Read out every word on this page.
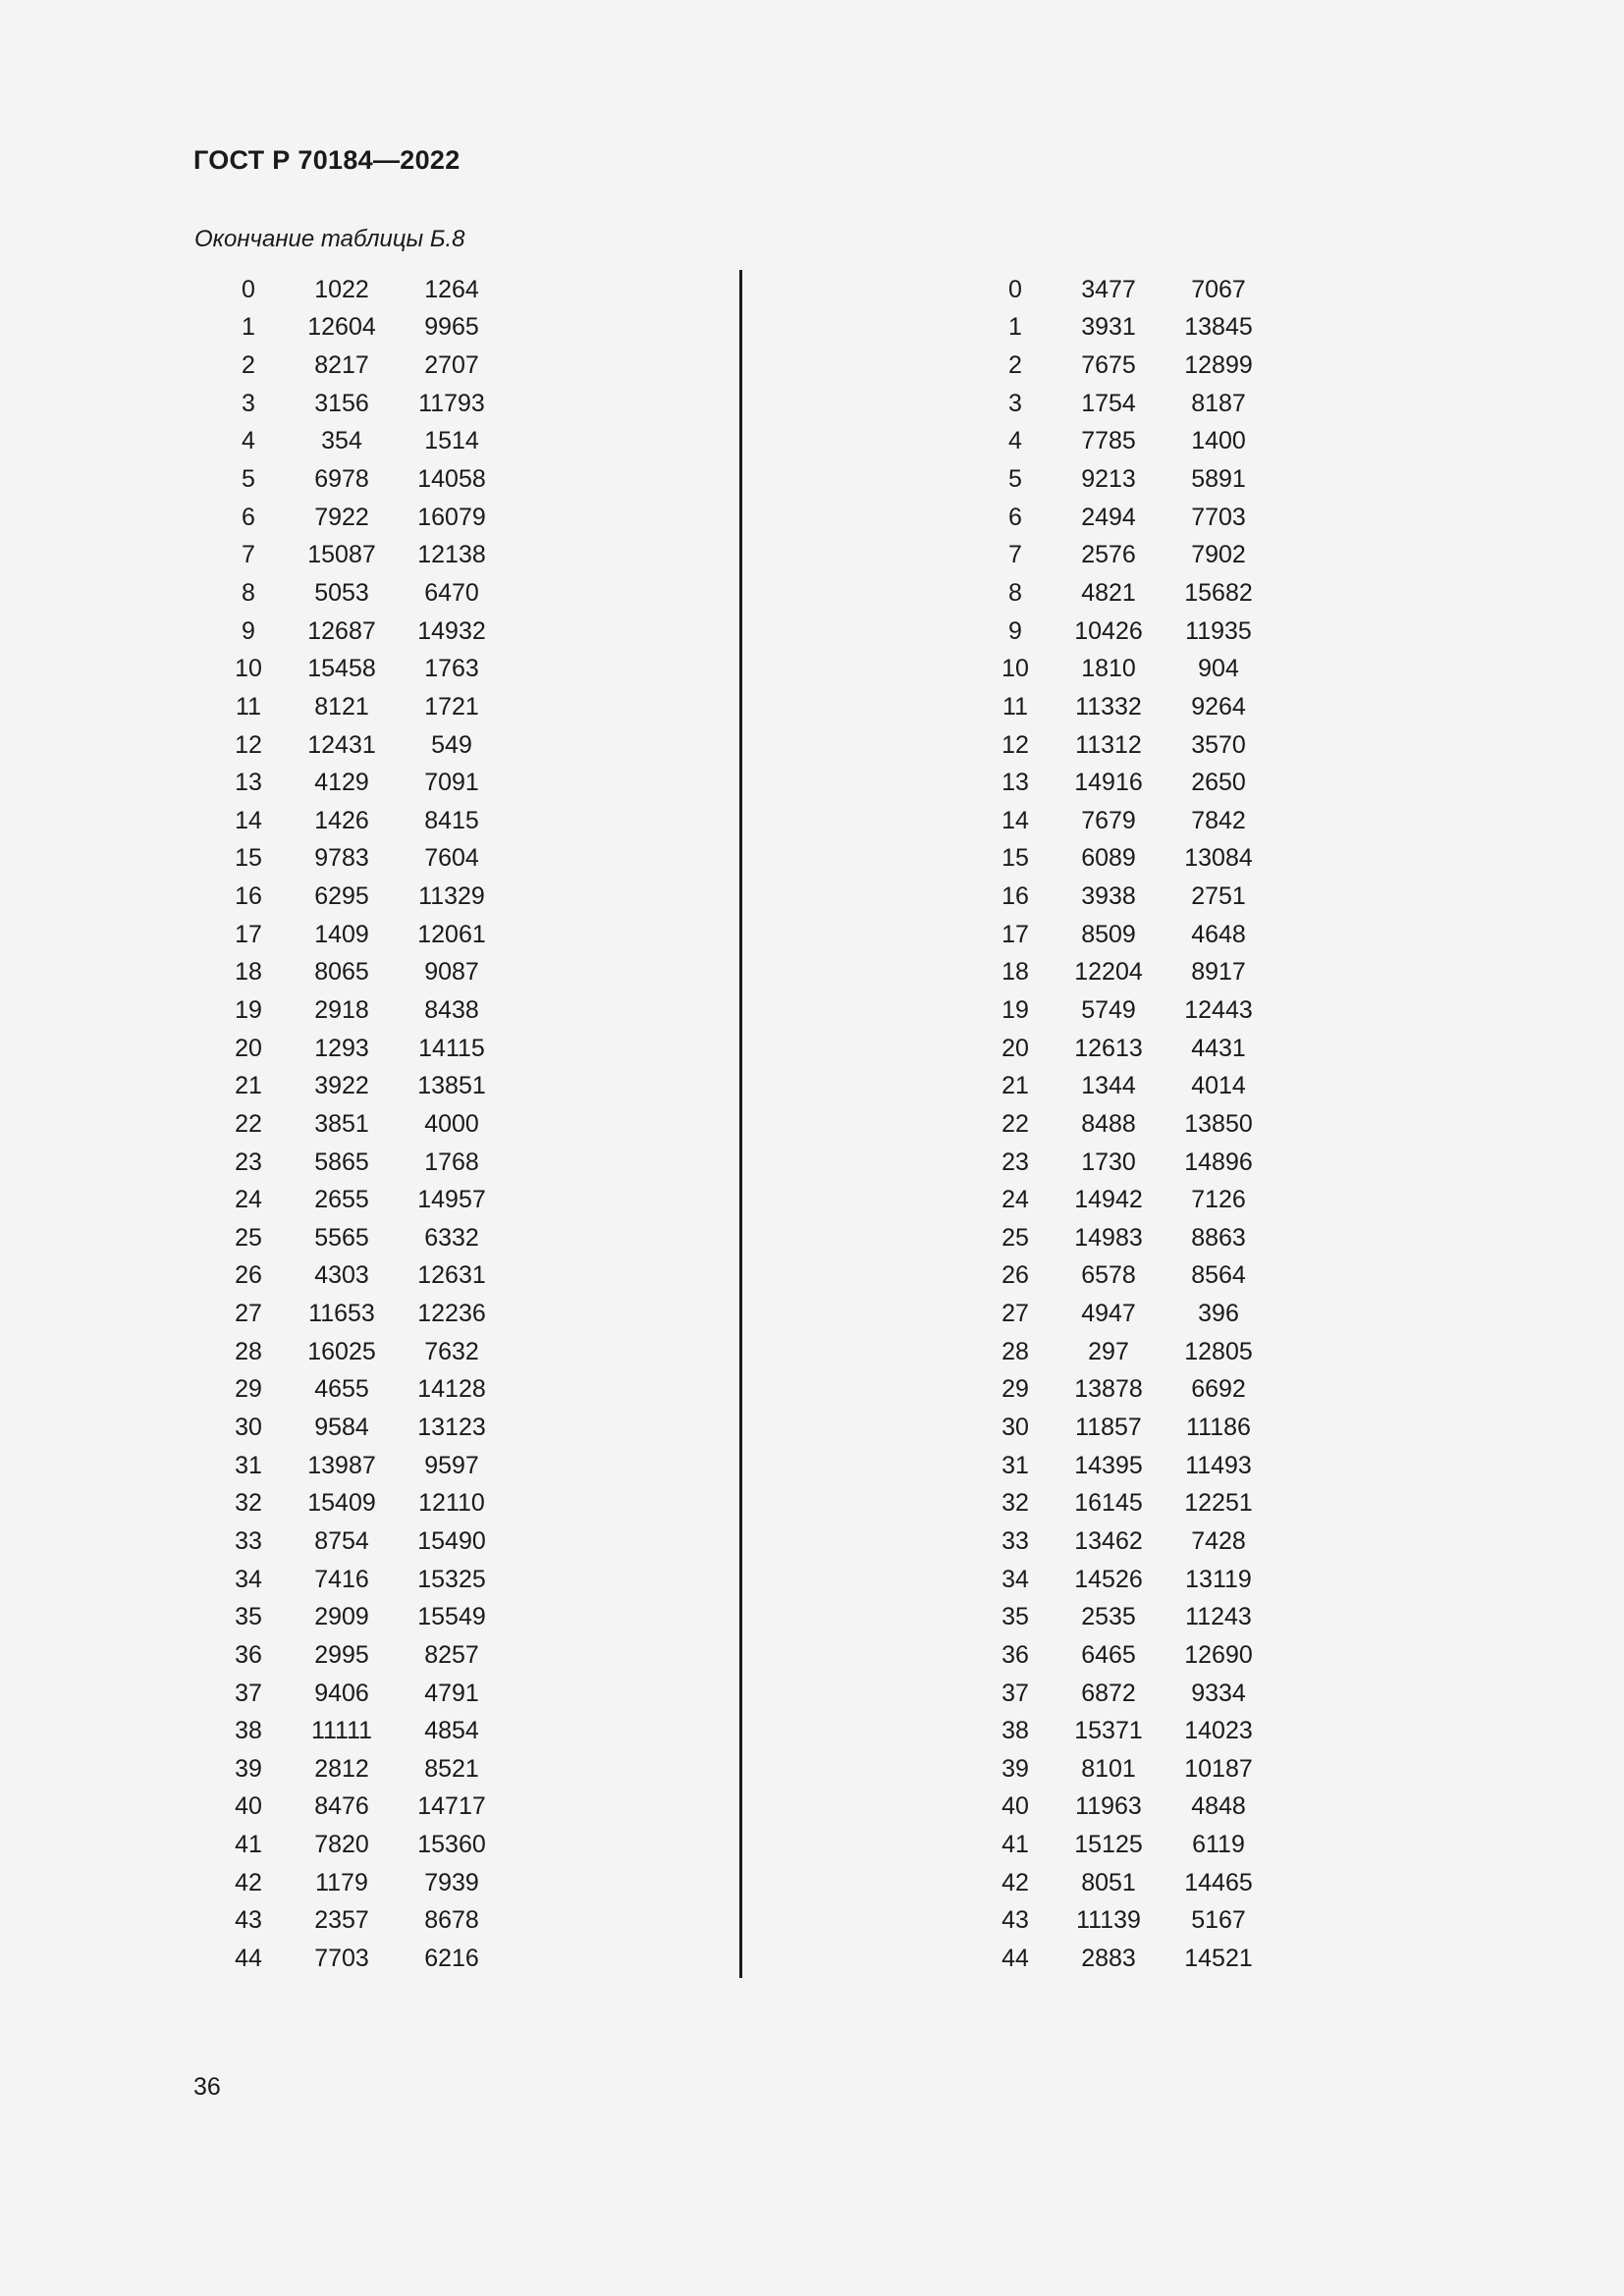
ГОСТ Р 70184—2022
Окончание таблицы Б.8
0	1022	1264
1	12604	9965
2	8217	2707
3	3156	11793
4	354	1514
5	6978	14058
6	7922	16079
7	15087	12138
8	5053	6470
9	12687	14932
10	15458	1763
11	8121	1721
12	12431	549
13	4129	7091
14	1426	8415
15	9783	7604
16	6295	11329
17	1409	12061
18	8065	9087
19	2918	8438
20	1293	14115
21	3922	13851
22	3851	4000
23	5865	1768
24	2655	14957
25	5565	6332
26	4303	12631
27	11653	12236
28	16025	7632
29	4655	14128
30	9584	13123
31	13987	9597
32	15409	12110
33	8754	15490
34	7416	15325
35	2909	15549
36	2995	8257
37	9406	4791
38	11111	4854
39	2812	8521
40	8476	14717
41	7820	15360
42	1179	7939
43	2357	8678
44	7703	6216
0	3477	7067
1	3931	13845
2	7675	12899
3	1754	8187
4	7785	1400
5	9213	5891
6	2494	7703
7	2576	7902
8	4821	15682
9	10426	11935
10	1810	904
11	11332	9264
12	11312	3570
13	14916	2650
14	7679	7842
15	6089	13084
16	3938	2751
17	8509	4648
18	12204	8917
19	5749	12443
20	12613	4431
21	1344	4014
22	8488	13850
23	1730	14896
24	14942	7126
25	14983	8863
26	6578	8564
27	4947	396
28	297	12805
29	13878	6692
30	11857	11186
31	14395	11493
32	16145	12251
33	13462	7428
34	14526	13119
35	2535	11243
36	6465	12690
37	6872	9334
38	15371	14023
39	8101	10187
40	11963	4848
41	15125	6119
42	8051	14465
43	11139	5167
44	2883	14521
36
